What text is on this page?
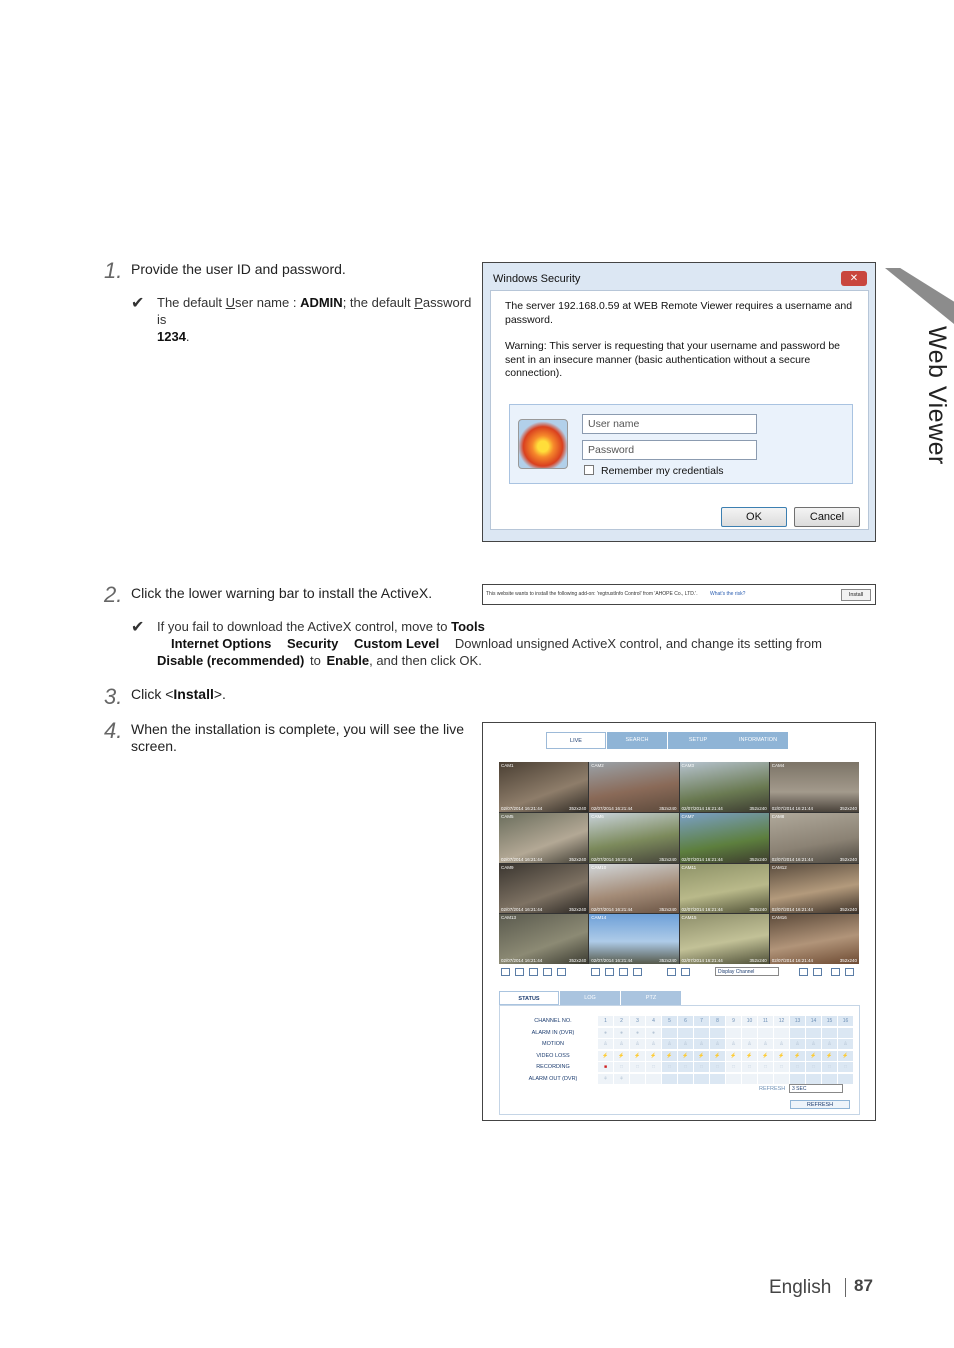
Web Viewer
1. Provide the user ID and password.
✔ The default User name : ADMIN; the default Password is
1234.
Windows Security	✕
The server 192.168.0.59 at WEB Remote Viewer requires a username and password.
Warning: This server is requesting that your username and password be sent in an insecure manner (basic authentication without a secure connection).
User name
Password
Remember my credentials
OK	Cancel
2. Click the lower warning bar to install the ActiveX.	This website wants to install the following add-on: 'regtrustInfo Control' from 'AHOPE Co., LTD.'. What's the risk?	Install
✔ If you fail to download the ActiveX control, move to Tools
Internet Options Security Custom Level Download unsigned ActiveX control, and change its setting from Disable (recommended) to Enable, and then click OK.
3. Click <Install>.
4. When the installation is complete, you will see the live screen.	LIVE	SEARCH	SETUP	INFORMATION
CAM1
02/07/2014 16:21:44	352x240
CAM2
02/07/2014 16:21:44	352x240
CAM3
02/07/2014 16:21:44	352x240
CAM4
02/07/2014 16:21:44	352x240
CAM5
02/07/2014 16:21:44	352x240
CAM6
02/07/2014 16:21:44	352x240
CAM7
02/07/2014 16:21:44	352x240
CAM8
02/07/2014 16:21:44	352x240
CAM9
02/07/2014 16:21:44	352x240
CAM10
02/07/2014 16:21:44	352x240
CAM11
02/07/2014 16:21:44	352x240
CAM12
02/07/2014 16:21:44	352x240
CAM13
02/07/2014 16:21:44	352x240
CAM14
02/07/2014 16:21:44	352x240
CAM15
02/07/2014 16:21:44	352x240
CAM16
02/07/2014 16:21:44	352x240
Display Channel
STATUS	LOG	PTZ
REFRESH	3 SEC
REFRESH
CHANNEL NO.	1	2	3	4	5	6	7	8	9	10	11	12	13	14	15	16
ALARM IN (DVR)	●	●	●	●
MOTION	♙	♙	♙	♙	♙	♙	♙	♙	♙	♙	♙	♙	♙	♙	♙	♙
VIDEO LOSS	⚡	⚡	⚡	⚡	⚡	⚡	⚡	⚡	⚡	⚡	⚡	⚡	⚡	⚡	⚡	⚡
RECORDING	■	□	□	□	□	□	□	□	□	□	□	□	□	□	□	□
ALARM OUT (DVR)	⚘	⚘
English 87
